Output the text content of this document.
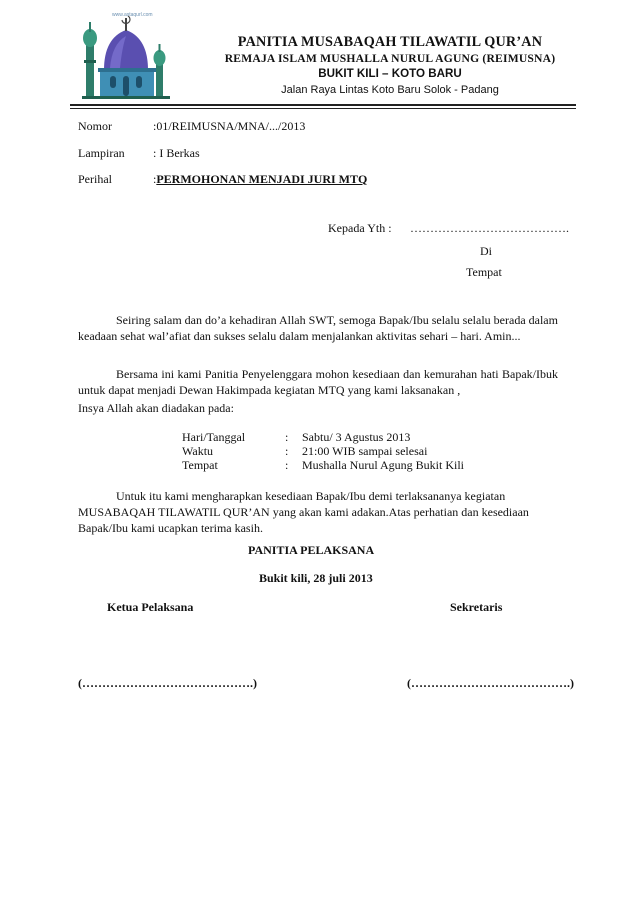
www.astaqurl.com
PANITIA MUSABAQAH TILAWATIL QUR’AN
REMAJA ISLAM MUSHALLA NURUL AGUNG (REIMUSNA)
BUKIT KILI – KOTO BARU
Jalan Raya Lintas Koto Baru Solok - Padang
Nomor	:01/REIMUSNA/MNA/.../2013
Lampiran : I Berkas
Perihal	:PERMOHONAN MENJADI JURI MTQ
Kepada Yth : ………………………………….
Di
Tempat
Seiring salam dan do’a kehadiran Allah SWT, semoga Bapak/Ibu selalu selalu berada dalam keadaan sehat wal’afiat dan sukses selalu dalam menjalankan aktivitas sehari – hari. Amin...
Bersama ini kami Panitia Penyelenggara mohon kesediaan dan kemurahan hati Bapak/Ibuk untuk dapat menjadi Dewan Hakimpada kegiatan MTQ yang kami laksanakan ,
Insya Allah akan diadakan pada:
Hari/Tanggal	: Sabtu/ 3 Agustus 2013
Waktu	: 21:00 WIB sampai selesai
Tempat	: Mushalla Nurul Agung Bukit Kili
Untuk itu kami mengharapkan kesediaan Bapak/Ibu demi terlaksananya kegiatan MUSABAQAH TILAWATIL QUR’AN yang akan kami adakan.Atas perhatian dan kesediaan Bapak/Ibu kami ucapkan terima kasih.
PANITIA PELAKSANA
Bukit kili, 28 juli 2013
Ketua Pelaksana	Sekretaris
(…………………………………….)	(………………………………….)
